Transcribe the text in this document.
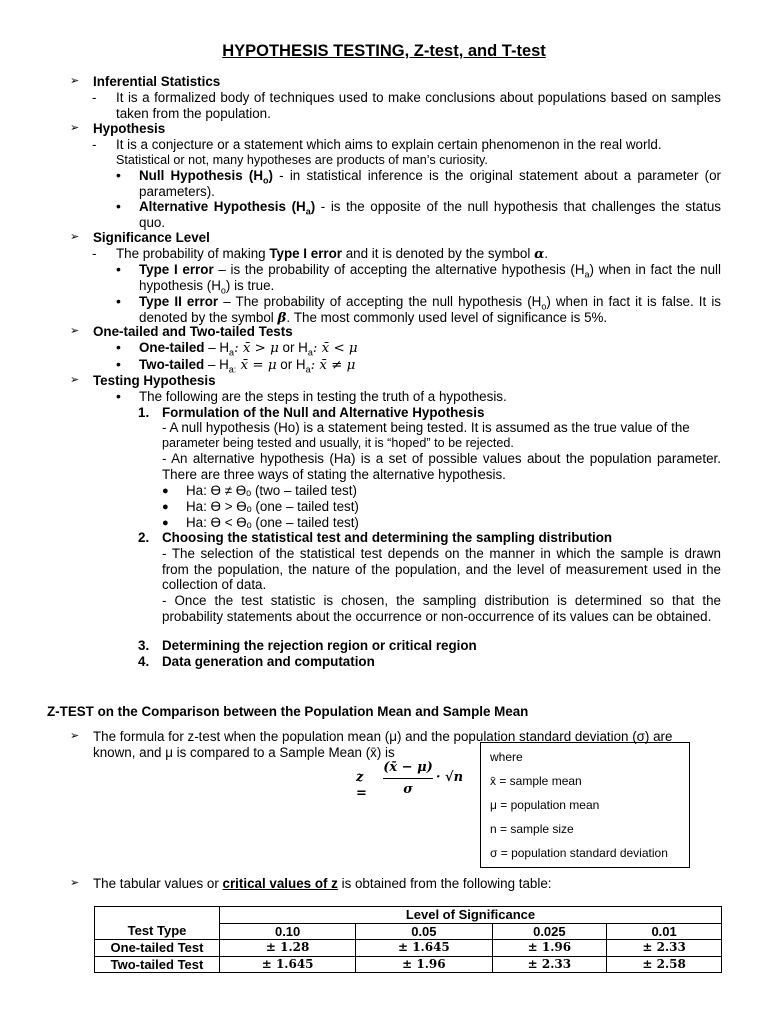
HYPOTHESIS TESTING, Z-test, and T-test
➢ Inferential Statistics
- It is a formalized body of techniques used to make conclusions about populations based on samples taken from the population.
➢ Hypothesis
- It is a conjecture or a statement which aims to explain certain phenomenon in the real world.
Statistical or not, many hypotheses are products of man’s curiosity.
• Null Hypothesis $(H_o)$ - in statistical inference is the original statement about a parameter (or parameters).
• Alternative Hypothesis $(H_a)$ - is the opposite of the null hypothesis that challenges the status quo.
➢ Significance Level
- The probability of making Type I error and it is denoted by the symbol α.
• Type I error – is the probability of accepting the alternative hypothesis $(H_a)$ when in fact the null hypothesis $(H_o)$ is true.
• Type II error – The probability of accepting the null hypothesis $(H_o)$ when in fact it is false. It is denoted by the symbol β. The most commonly used level of significance is 5%.
➢ One-tailed and Two-tailed Tests
• One-tailed – $H_a$: x̄ > μ or $H_a$: x̄ < μ
• Two-tailed – $H_{a:}$ x̄ = μ or $H_a$: x̄ ≠ μ
➢ Testing Hypothesis
• The following are the steps in testing the truth of a hypothesis.
1. Formulation of the Null and Alternative Hypothesis
- A null hypothesis (Ho) is a statement being tested. It is assumed as the true value of the
parameter being tested and usually, it is “hoped” to be rejected.
- An alternative hypothesis (Ha) is a set of possible values about the population parameter. There are three ways of stating the alternative hypothesis.
● Ha: ϴ ≠ ϴₒ (two – tailed test)
● Ha: ϴ > ϴₒ (one – tailed test)
● Ha: ϴ < ϴₒ (one – tailed test)
2. Choosing the statistical test and determining the sampling distribution
- The selection of the statistical test depends on the manner in which the sample is drawn from the population, the nature of the population, and the level of measurement used in the collection of data.
- Once the test statistic is chosen, the sampling distribution is determined so that the probability statements about the occurrence or non-occurrence of its values can be obtained.
3. Determining the rejection region or critical region
4. Data generation and computation
Z-TEST on the Comparison between the Population Mean and Sample Mean
➢ The formula for z-test when the population mean (μ) and the population standard deviation (σ) are
known, and μ is compared to a Sample Mean (x̄) is
z =
(x̄ − μ)
σ
· √n
where
x̄ = sample mean
μ = population mean
n = sample size
σ = population standard deviation
➢ The tabular values or critical values of z is obtained from the following table:
	Level of Significance			
Test Type	0.10	0.05	0.025	0.01
One-tailed Test	± 1.28	± 1.645	± 1.96	± 2.33
Two-tailed Test	± 1.645	± 1.96	± 2.33	± 2.58
